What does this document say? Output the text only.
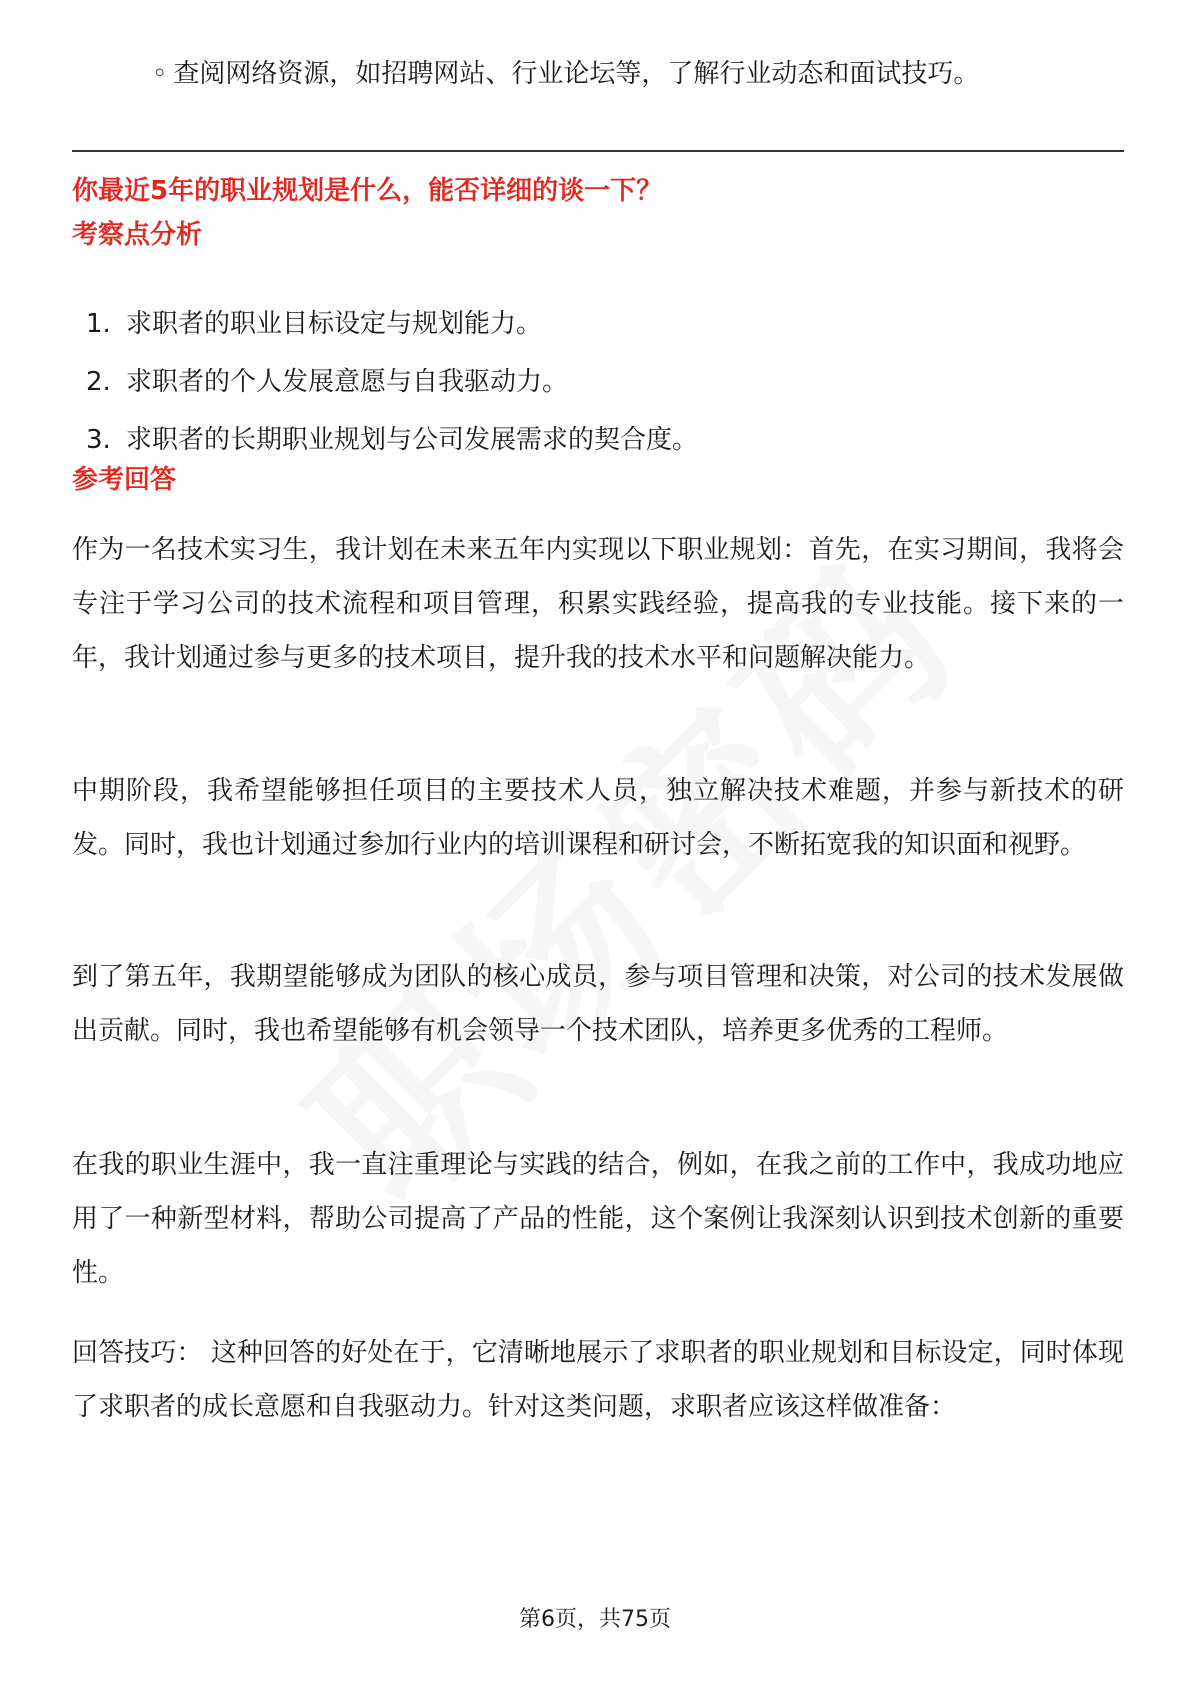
◦ 查阅网络资源，如招聘网站、行业论坛等，了解行业动态和面试技巧。
你最近5年的职业规划是什么，能否详细的谈一下？
考察点分析
1. 求职者的职业目标设定与规划能力。
2. 求职者的个人发展意愿与自我驱动力。
3. 求职者的长期职业规划与公司发展需求的契合度。
参考回答

作为一名技术实习生，我计划在未来五年内实现以下职业规划：首先，在实习期间，我将会专注于学习公司的技术流程和项目管理，积累实践经验，提高我的专业技能。接下来的一年，我计划通过参与更多的技术项目，提升我的技术水平和问题解决能力。

中期阶段，我希望能够担任项目的主要技术人员，独立解决技术难题，并参与新技术的研发。同时，我也计划通过参加行业内的培训课程和研讨会，不断拓宽我的知识面和视野。

到了第五年，我期望能够成为团队的核心成员，参与项目管理和决策，对公司的技术发展做出贡献。同时，我也希望能够有机会领导一个技术团队，培养更多优秀的工程师。

在我的职业生涯中，我一直注重理论与实践的结合，例如，在我之前的工作中，我成功地应用了一种新型材料，帮助公司提高了产品的性能，这个案例让我深刻认识到技术创新的重要性。

回答技巧： 这种回答的好处在于，它清晰地展示了求职者的职业规划和目标设定，同时体现了求职者的成长意愿和自我驱动力。针对这类问题，求职者应该这样做准备：

第6页，共75页
